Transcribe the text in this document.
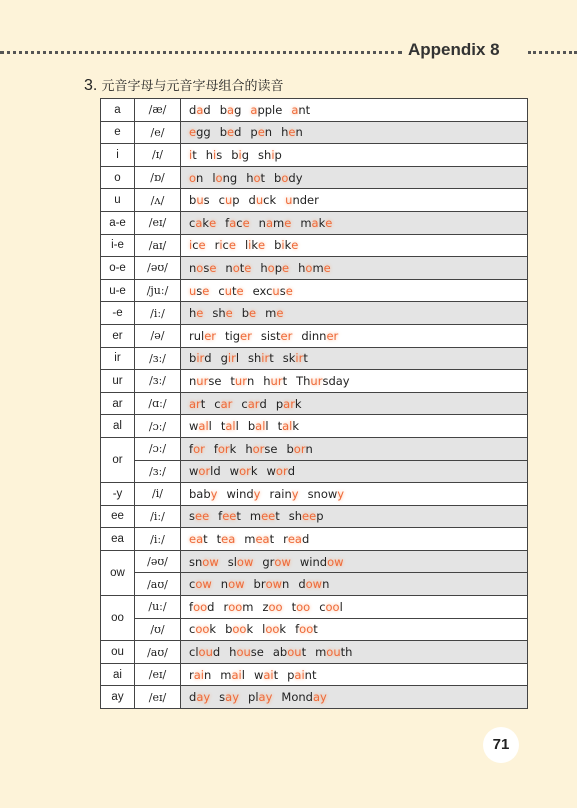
Appendix 8
3. 元音字母与元音字母组合的读音
a	/æ/	dad bag apple ant
e	/e/	egg bed pen hen
i	/ɪ/	it his big ship
o	/ɒ/	on long hot body
u	/ʌ/	bus cup duck under
a-e	/eɪ/	cake face name make
i-e	/aɪ/	ice rice like bike
o-e	/əʊ/	nose note hope home
u-e	/juː/	use cute excuse
-e	/iː/	he she be me
er	/ə/	ruler tiger sister dinner
ir	/ɜː/	bird girl shirt skirt
ur	/ɜː/	nurse turn hurt Thursday
ar	/ɑː/	art car card park
al	/ɔː/	wall tall ball talk
or	/ɔː/	for fork horse born
	/ɜː/	world work word
-y	/i/	baby windy rainy snowy
ee	/iː/	see feet meet sheep
ea	/iː/	eat tea meat read
ow	/əʊ/	snow slow grow window
	/aʊ/	cow now brown down
oo	/uː/	food room zoo too cool
	/ʊ/	cook book look foot
ou	/aʊ/	cloud house about mouth
ai	/eɪ/	rain mail wait paint
ay	/eɪ/	day say play Monday
71
